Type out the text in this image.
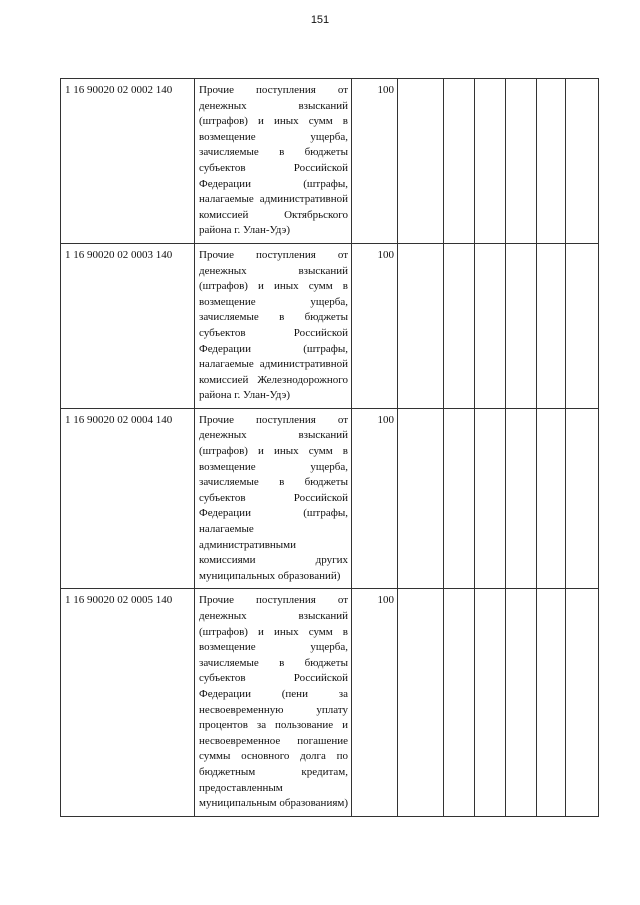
151
1 16 90020 02 0002 140	Прочие поступления от денежных взысканий (штрафов) и иных сумм в возмещение ущерба, зачисляемые в бюджеты субъектов Российской Федерации (штрафы, налагаемые административной комиссией Октябрьского района г. Улан-Удэ)	100						
1 16 90020 02 0003 140	Прочие поступления от денежных взысканий (штрафов) и иных сумм в возмещение ущерба, зачисляемые в бюджеты субъектов Российской Федерации (штрафы, налагаемые административной комиссией Железнодорожного района г. Улан-Удэ)	100						
1 16 90020 02 0004 140	Прочие поступления от денежных взысканий (штрафов) и иных сумм в возмещение ущерба, зачисляемые в бюджеты субъектов Российской Федерации (штрафы, налагаемые административными комиссиями других муниципальных образований)	100						
1 16 90020 02 0005 140	Прочие поступления от денежных взысканий (штрафов) и иных сумм в возмещение ущерба, зачисляемые в бюджеты субъектов Российской Федерации (пени за несвоевременную уплату процентов за пользование и несвоевременное погашение суммы основного долга по бюджетным кредитам, предоставленным муниципальным образованиям)	100						
